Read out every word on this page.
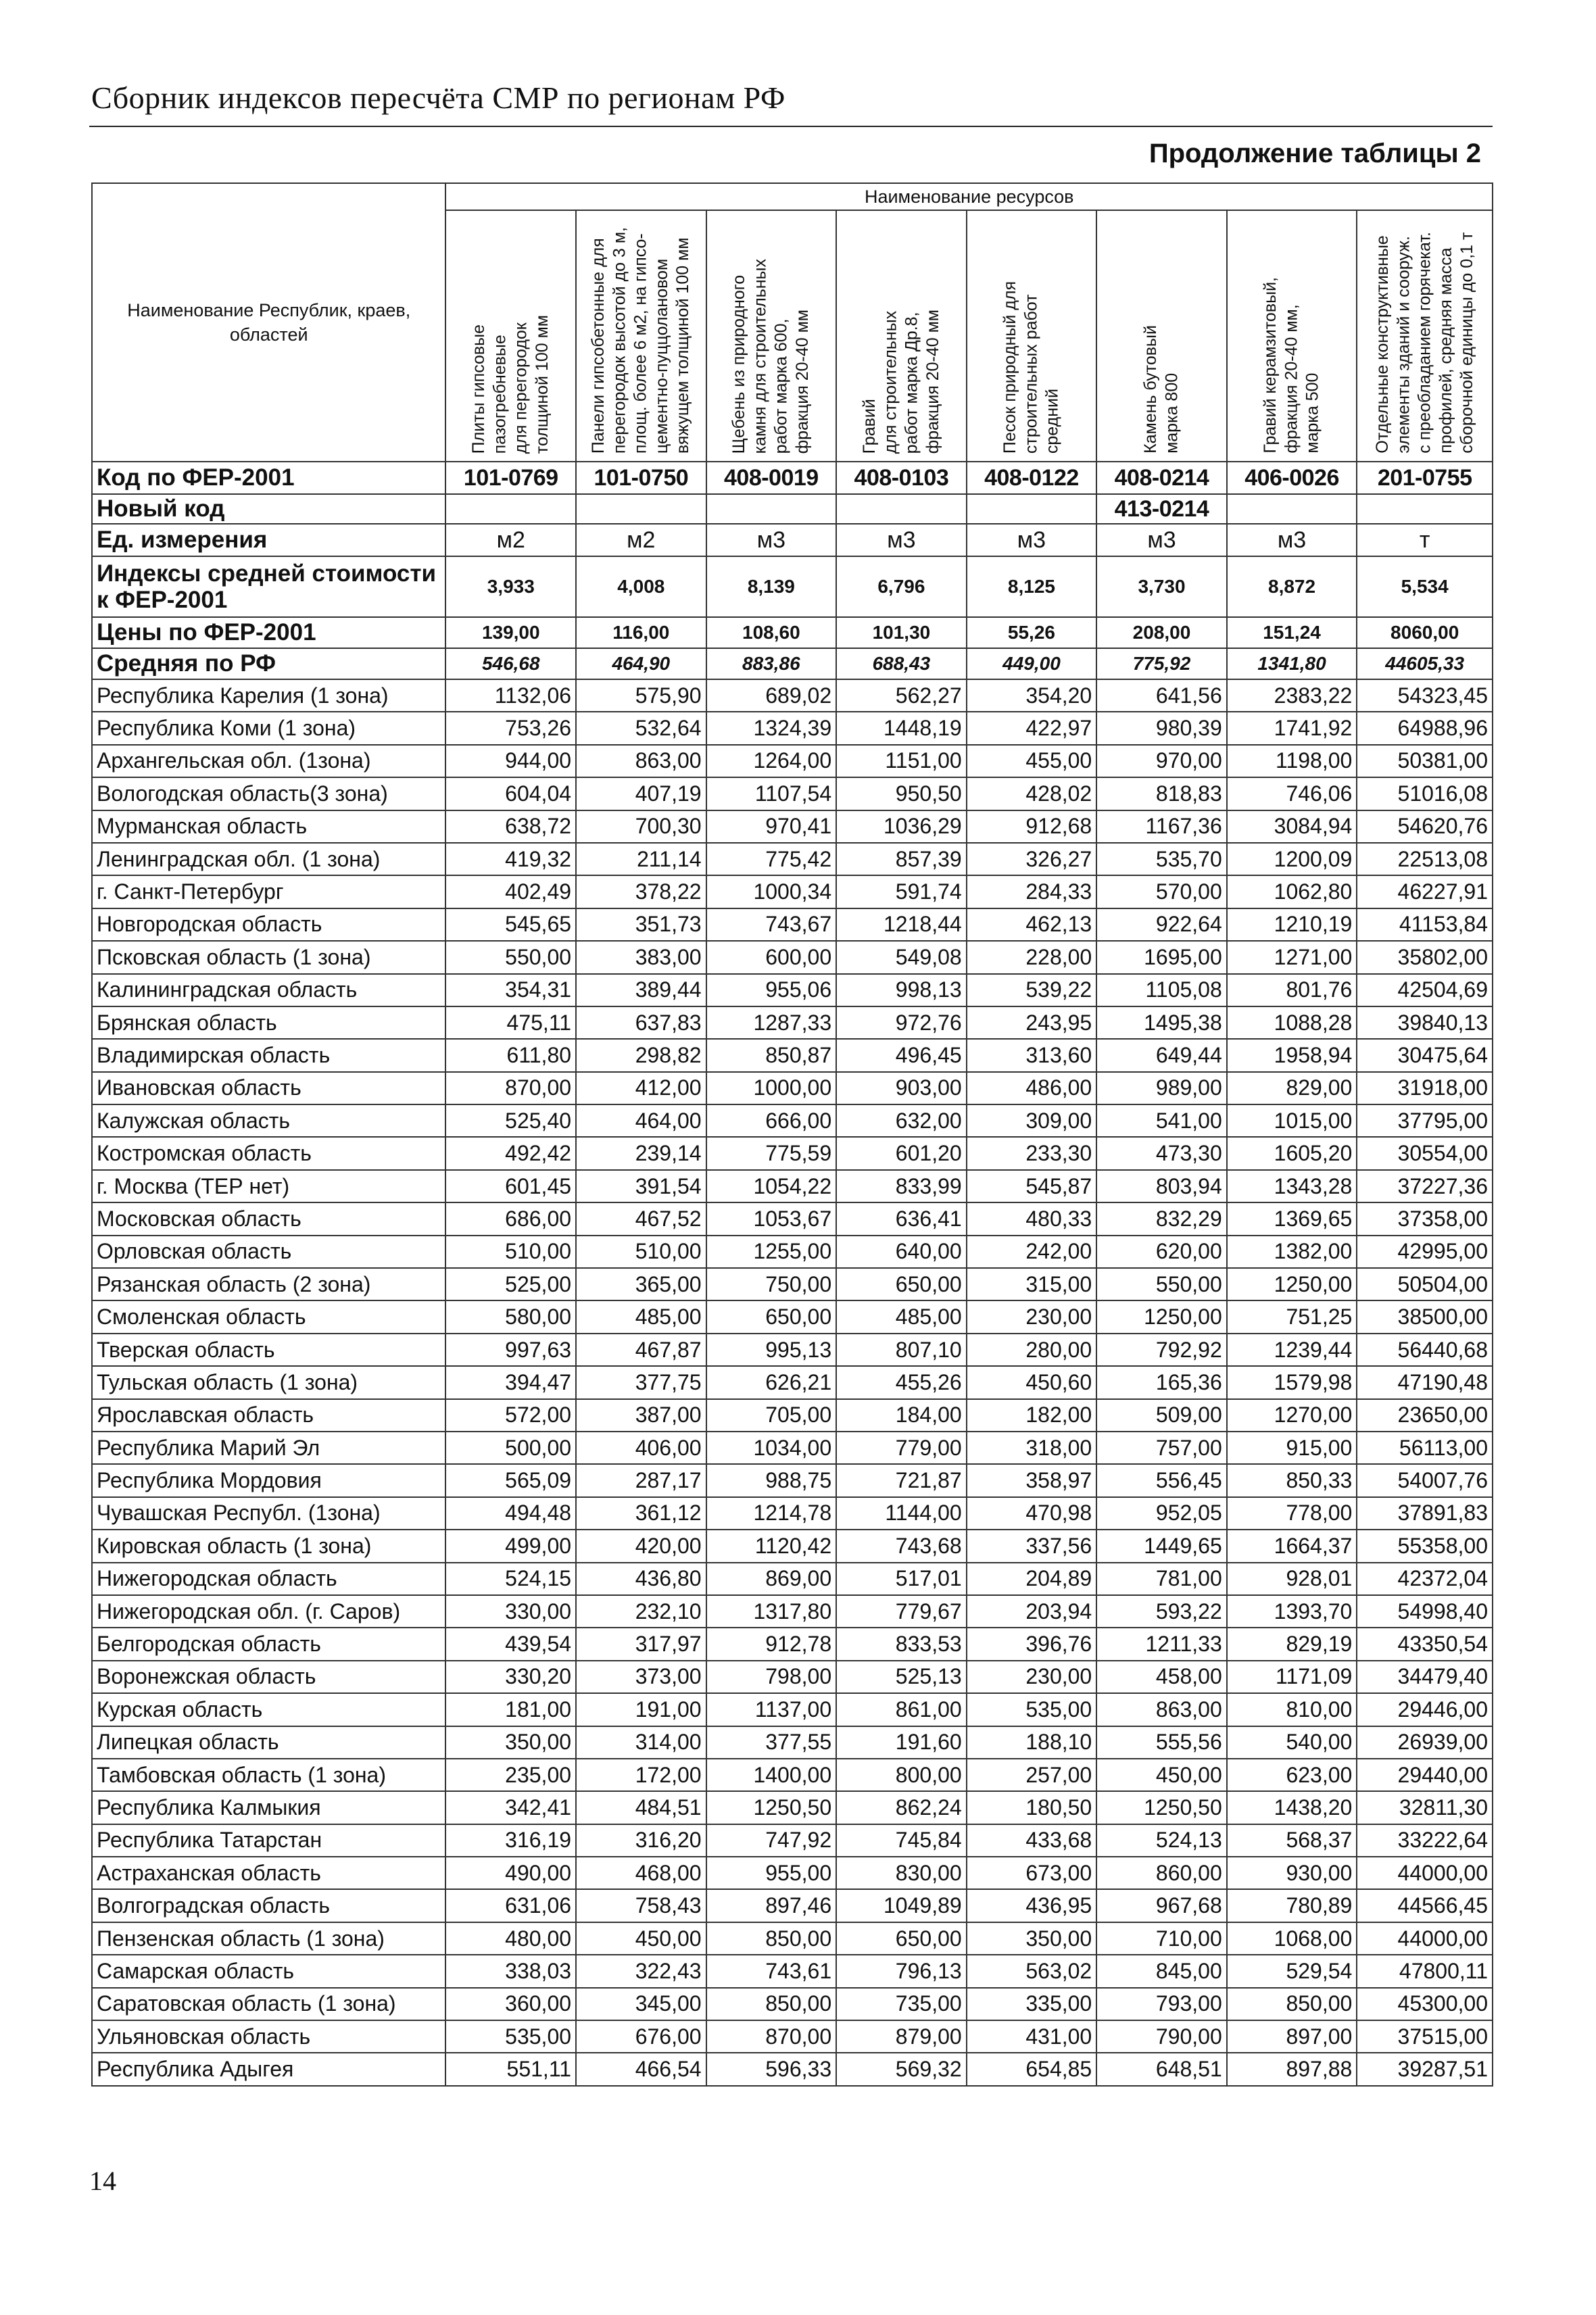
Сборник индексов пересчёта СМР по регионам РФ
Продолжение таблицы 2
Наименование Республик, краев, областей	Наименование ресурсов							
	Плиты гипсовые
пазогребневые
для перегородок
толщиной 100 мм	Панели гипсобетонные для
перегородок высотой до 3 м,
площ. более 6 м2, на гипсо-
цементно-пуццолановом
вяжущем толщиной 100 мм	Щебень из природного
камня для строительных
работ марка 600,
фракция 20-40 мм	Гравий
для строительных
работ марка Др.8,
фракция 20-40 мм	Песок природный для
строительных работ
средний	Камень бутовый
марка 800	Гравий керамзитовый,
фракция 20-40 мм,
марка 500	Отдельные конструктивные
элементы зданий и сооруж.
с преобладанием горячекат.
профилей, средняя масса
сборочной единицы до 0,1 т
Код по ФЕР-2001	101-0769	101-0750	408-0019	408-0103	408-0122	408-0214	406-0026	201-0755
Новый код						413-0214		
Ед. измерения	м2	м2	м3	м3	м3	м3	м3	т
Индексы средней стоимости к ФЕР-2001	3,933	4,008	8,139	6,796	8,125	3,730	8,872	5,534
Цены по ФЕР-2001	139,00	116,00	108,60	101,30	55,26	208,00	151,24	8060,00
Средняя по РФ	546,68	464,90	883,86	688,43	449,00	775,92	1341,80	44605,33
Республика Карелия (1 зона)	1132,06	575,90	689,02	562,27	354,20	641,56	2383,22	54323,45
Республика Коми (1 зона)	753,26	532,64	1324,39	1448,19	422,97	980,39	1741,92	64988,96
Архангельская обл. (1зона)	944,00	863,00	1264,00	1151,00	455,00	970,00	1198,00	50381,00
Вологодская область(3 зона)	604,04	407,19	1107,54	950,50	428,02	818,83	746,06	51016,08
Мурманская область	638,72	700,30	970,41	1036,29	912,68	1167,36	3084,94	54620,76
Ленинградская обл. (1 зона)	419,32	211,14	775,42	857,39	326,27	535,70	1200,09	22513,08
г. Санкт-Петербург	402,49	378,22	1000,34	591,74	284,33	570,00	1062,80	46227,91
Новгородская область	545,65	351,73	743,67	1218,44	462,13	922,64	1210,19	41153,84
Псковская область (1 зона)	550,00	383,00	600,00	549,08	228,00	1695,00	1271,00	35802,00
Калининградская область	354,31	389,44	955,06	998,13	539,22	1105,08	801,76	42504,69
Брянская область	475,11	637,83	1287,33	972,76	243,95	1495,38	1088,28	39840,13
Владимирская область	611,80	298,82	850,87	496,45	313,60	649,44	1958,94	30475,64
Ивановская область	870,00	412,00	1000,00	903,00	486,00	989,00	829,00	31918,00
Калужская область	525,40	464,00	666,00	632,00	309,00	541,00	1015,00	37795,00
Костромская область	492,42	239,14	775,59	601,20	233,30	473,30	1605,20	30554,00
г. Москва (ТЕР нет)	601,45	391,54	1054,22	833,99	545,87	803,94	1343,28	37227,36
Московская область	686,00	467,52	1053,67	636,41	480,33	832,29	1369,65	37358,00
Орловская область	510,00	510,00	1255,00	640,00	242,00	620,00	1382,00	42995,00
Рязанская область (2 зона)	525,00	365,00	750,00	650,00	315,00	550,00	1250,00	50504,00
Смоленская область	580,00	485,00	650,00	485,00	230,00	1250,00	751,25	38500,00
Тверская область	997,63	467,87	995,13	807,10	280,00	792,92	1239,44	56440,68
Тульская область (1 зона)	394,47	377,75	626,21	455,26	450,60	165,36	1579,98	47190,48
Ярославская область	572,00	387,00	705,00	184,00	182,00	509,00	1270,00	23650,00
Республика Марий Эл	500,00	406,00	1034,00	779,00	318,00	757,00	915,00	56113,00
Республика Мордовия	565,09	287,17	988,75	721,87	358,97	556,45	850,33	54007,76
Чувашская Республ. (1зона)	494,48	361,12	1214,78	1144,00	470,98	952,05	778,00	37891,83
Кировская область (1 зона)	499,00	420,00	1120,42	743,68	337,56	1449,65	1664,37	55358,00
Нижегородская область	524,15	436,80	869,00	517,01	204,89	781,00	928,01	42372,04
Нижегородская обл. (г. Саров)	330,00	232,10	1317,80	779,67	203,94	593,22	1393,70	54998,40
Белгородская область	439,54	317,97	912,78	833,53	396,76	1211,33	829,19	43350,54
Воронежская область	330,20	373,00	798,00	525,13	230,00	458,00	1171,09	34479,40
Курская область	181,00	191,00	1137,00	861,00	535,00	863,00	810,00	29446,00
Липецкая область	350,00	314,00	377,55	191,60	188,10	555,56	540,00	26939,00
Тамбовская область (1 зона)	235,00	172,00	1400,00	800,00	257,00	450,00	623,00	29440,00
Республика Калмыкия	342,41	484,51	1250,50	862,24	180,50	1250,50	1438,20	32811,30
Республика Татарстан	316,19	316,20	747,92	745,84	433,68	524,13	568,37	33222,64
Астраханская область	490,00	468,00	955,00	830,00	673,00	860,00	930,00	44000,00
Волгоградская область	631,06	758,43	897,46	1049,89	436,95	967,68	780,89	44566,45
Пензенская область (1 зона)	480,00	450,00	850,00	650,00	350,00	710,00	1068,00	44000,00
Самарская область	338,03	322,43	743,61	796,13	563,02	845,00	529,54	47800,11
Саратовская область (1 зона)	360,00	345,00	850,00	735,00	335,00	793,00	850,00	45300,00
Ульяновская область	535,00	676,00	870,00	879,00	431,00	790,00	897,00	37515,00
Республика Адыгея	551,11	466,54	596,33	569,32	654,85	648,51	897,88	39287,51
14
